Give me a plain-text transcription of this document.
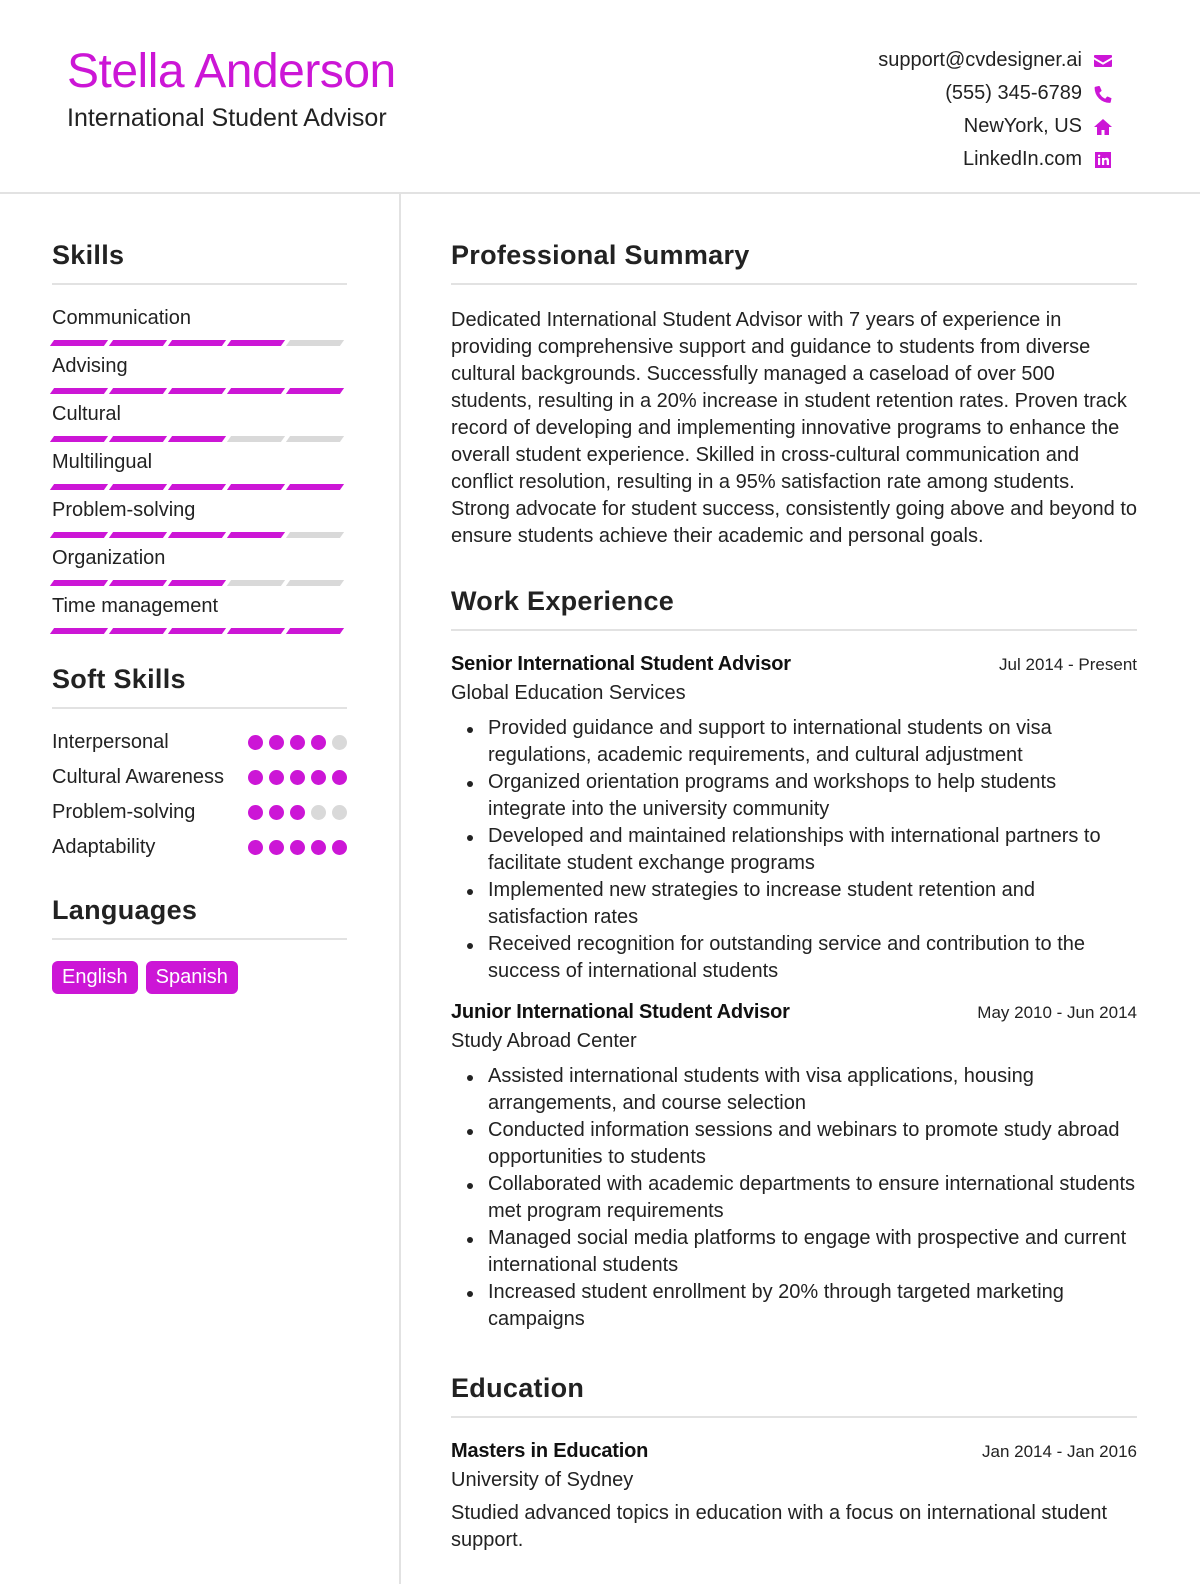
Stella Anderson
International Student Advisor
support@cvdesigner.ai
(555) 345-6789
NewYork, US
LinkedIn.com
Skills
Communication
Advising
Cultural
Multilingual
Problem-solving
Organization
Time management
Soft Skills
Interpersonal
Cultural Awareness
Problem-solving
Adaptability
Languages
English	Spanish
Professional Summary
Dedicated International Student Advisor with 7 years of experience in providing comprehensive support and guidance to students from diverse cultural backgrounds. Successfully managed a caseload of over 500 students, resulting in a 20% increase in student retention rates. Proven track record of developing and implementing innovative programs to enhance the overall student experience. Skilled in cross-cultural communication and conflict resolution, resulting in a 95% satisfaction rate among students. Strong advocate for student success, consistently going above and beyond to ensure students achieve their academic and personal goals.
Work Experience
Senior International Student Advisor	Jul 2014 - Present
Global Education Services
Provided guidance and support to international students on visa regulations, academic requirements, and cultural adjustment
Organized orientation programs and workshops to help students integrate into the university community
Developed and maintained relationships with international partners to facilitate student exchange programs
Implemented new strategies to increase student retention and satisfaction rates
Received recognition for outstanding service and contribution to the success of international students
Junior International Student Advisor	May 2010 - Jun 2014
Study Abroad Center
Assisted international students with visa applications, housing arrangements, and course selection
Conducted information sessions and webinars to promote study abroad opportunities to students
Collaborated with academic departments to ensure international students met program requirements
Managed social media platforms to engage with prospective and current international students
Increased student enrollment by 20% through targeted marketing campaigns
Education
Masters in Education	Jan 2014 - Jan 2016
University of Sydney
Studied advanced topics in education with a focus on international student support.
